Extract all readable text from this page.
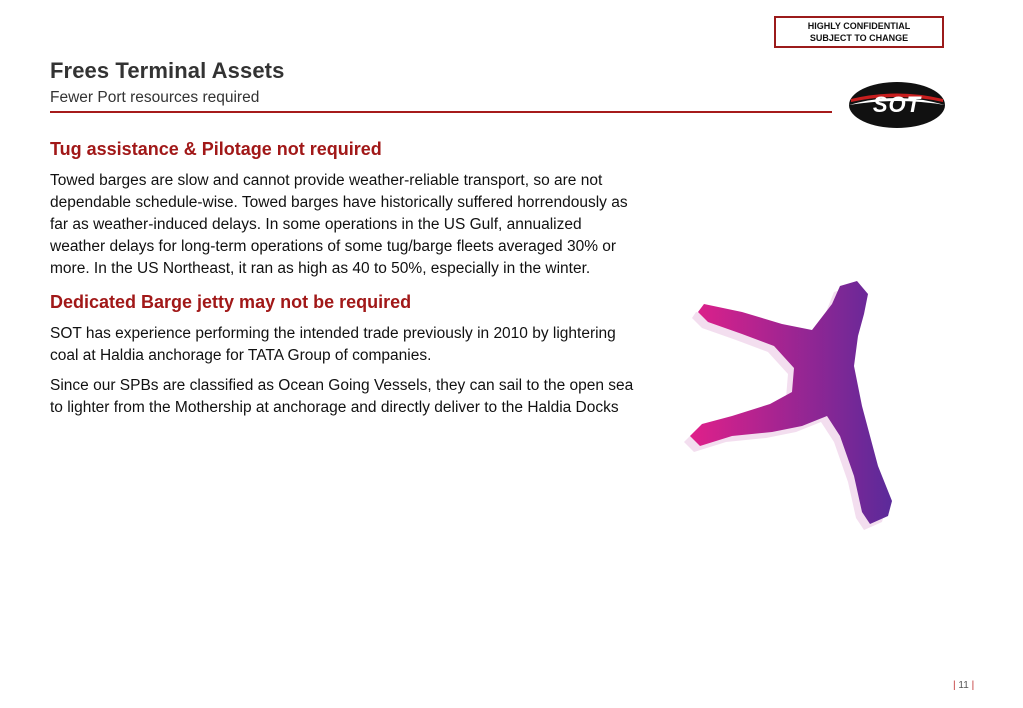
HIGHLY CONFIDENTIAL
SUBJECT TO CHANGE
Frees Terminal Assets

Fewer Port resources required	SOT
Tug assistance & Pilotage not required

Towed barges are slow and cannot provide weather-reliable transport, so are not dependable schedule-wise. Towed barges have historically suffered horrendously as far as weather-induced delays. In some operations in the US Gulf, annualized weather delays for long-term operations of some tug/barge fleets averaged 30% or more. In the US Northeast, it ran as high as 40 to 50%, especially in the winter.

Dedicated Barge jetty may not be required

SOT has experience performing the intended trade previously in 2010 by lightering coal at Haldia anchorage for TATA Group of companies.

Since our SPBs are classified as Ocean Going Vessels, they can sail to the open sea to lighter from the Mothership at anchorage and directly deliver to the Haldia Docks

| 11 |
